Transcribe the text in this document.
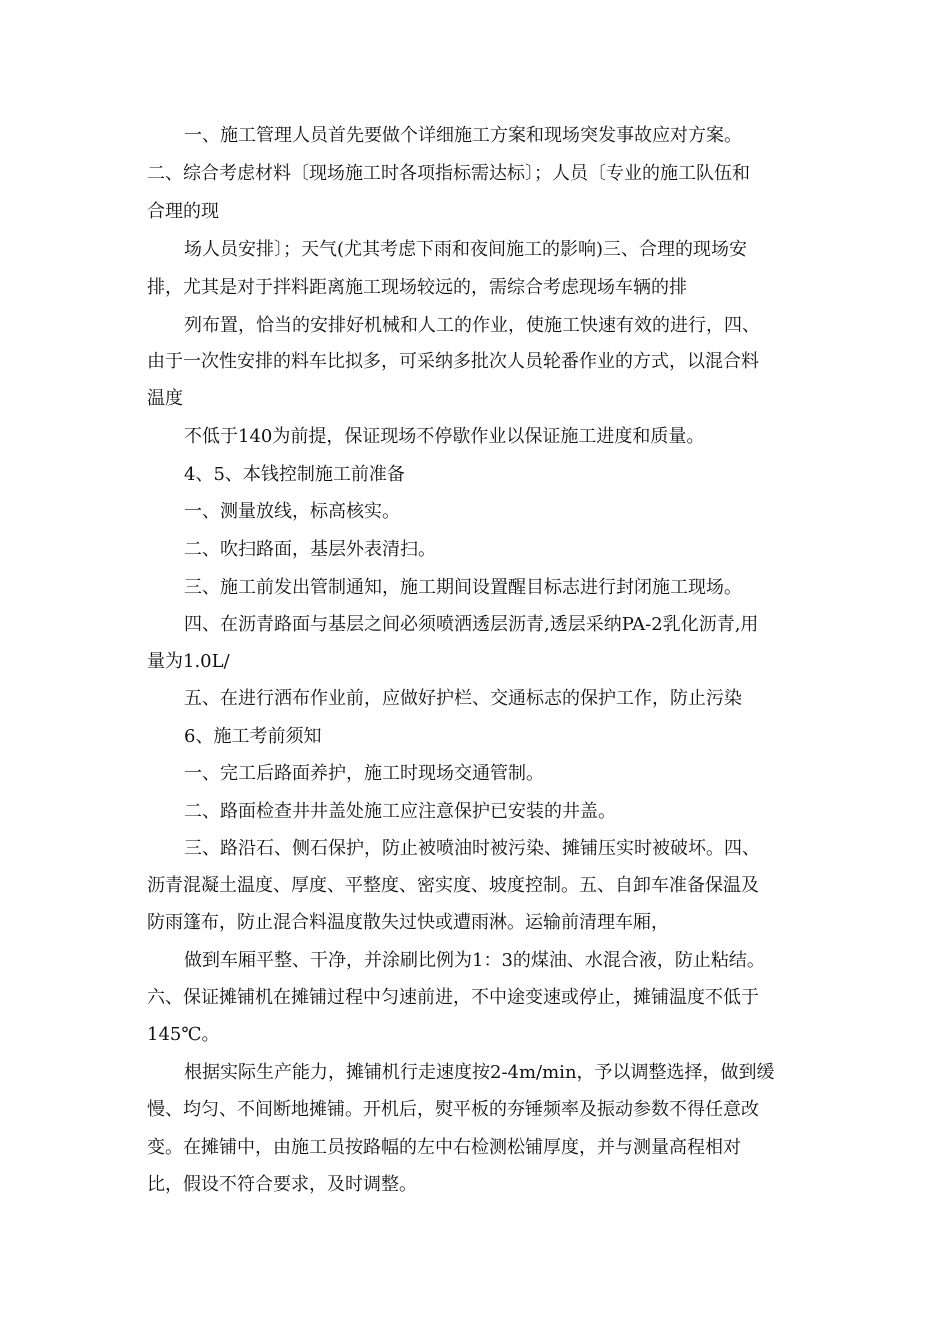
一、施工管理人员首先要做个详细施工方案和现场突发事故应对方案。
二、综合考虑材料〔现场施工时各项指标需达标〕；人员〔专业的施工队伍和
合理的现
场人员安排〕；天气(尤其考虑下雨和夜间施工的影响)三、合理的现场安
排，尤其是对于拌料距离施工现场较远的，需综合考虑现场车辆的排
列布置，恰当的安排好机械和人工的作业，使施工快速有效的进行，四、
由于一次性安排的料车比拟多，可采纳多批次人员轮番作业的方式，以混合料
温度
不低于140为前提，保证现场不停歇作业以保证施工进度和质量。
4、5、本钱控制施工前准备
一、测量放线，标高核实。
二、吹扫路面，基层外表清扫。
三、施工前发出管制通知，施工期间设置醒目标志进行封闭施工现场。
四、在沥青路面与基层之间必须喷洒透层沥青,透层采纳PA-2乳化沥青,用
量为1.0L/
五、在进行洒布作业前，应做好护栏、交通标志的保护工作，防止污染
6、施工考前须知
一、完工后路面养护，施工时现场交通管制。
二、路面检查井井盖处施工应注意保护已安装的井盖。
三、路沿石、侧石保护，防止被喷油时被污染、摊铺压实时被破坏。四、
沥青混凝土温度、厚度、平整度、密实度、坡度控制。五、自卸车准备保温及
防雨篷布，防止混合料温度散失过快或遭雨淋。运输前清理车厢，
做到车厢平整、干净，并涂刷比例为1：3的煤油、水混合液，防止粘结。
六、保证摊铺机在摊铺过程中匀速前进，不中途变速或停止，摊铺温度不低于
145℃。
根据实际生产能力，摊铺机行走速度按2-4m/min，予以调整选择，做到缓
慢、均匀、不间断地摊铺。开机后，熨平板的夯锤频率及振动参数不得任意改
变。在摊铺中，由施工员按路幅的左中右检测松铺厚度，并与测量高程相对
比，假设不符合要求，及时调整。
